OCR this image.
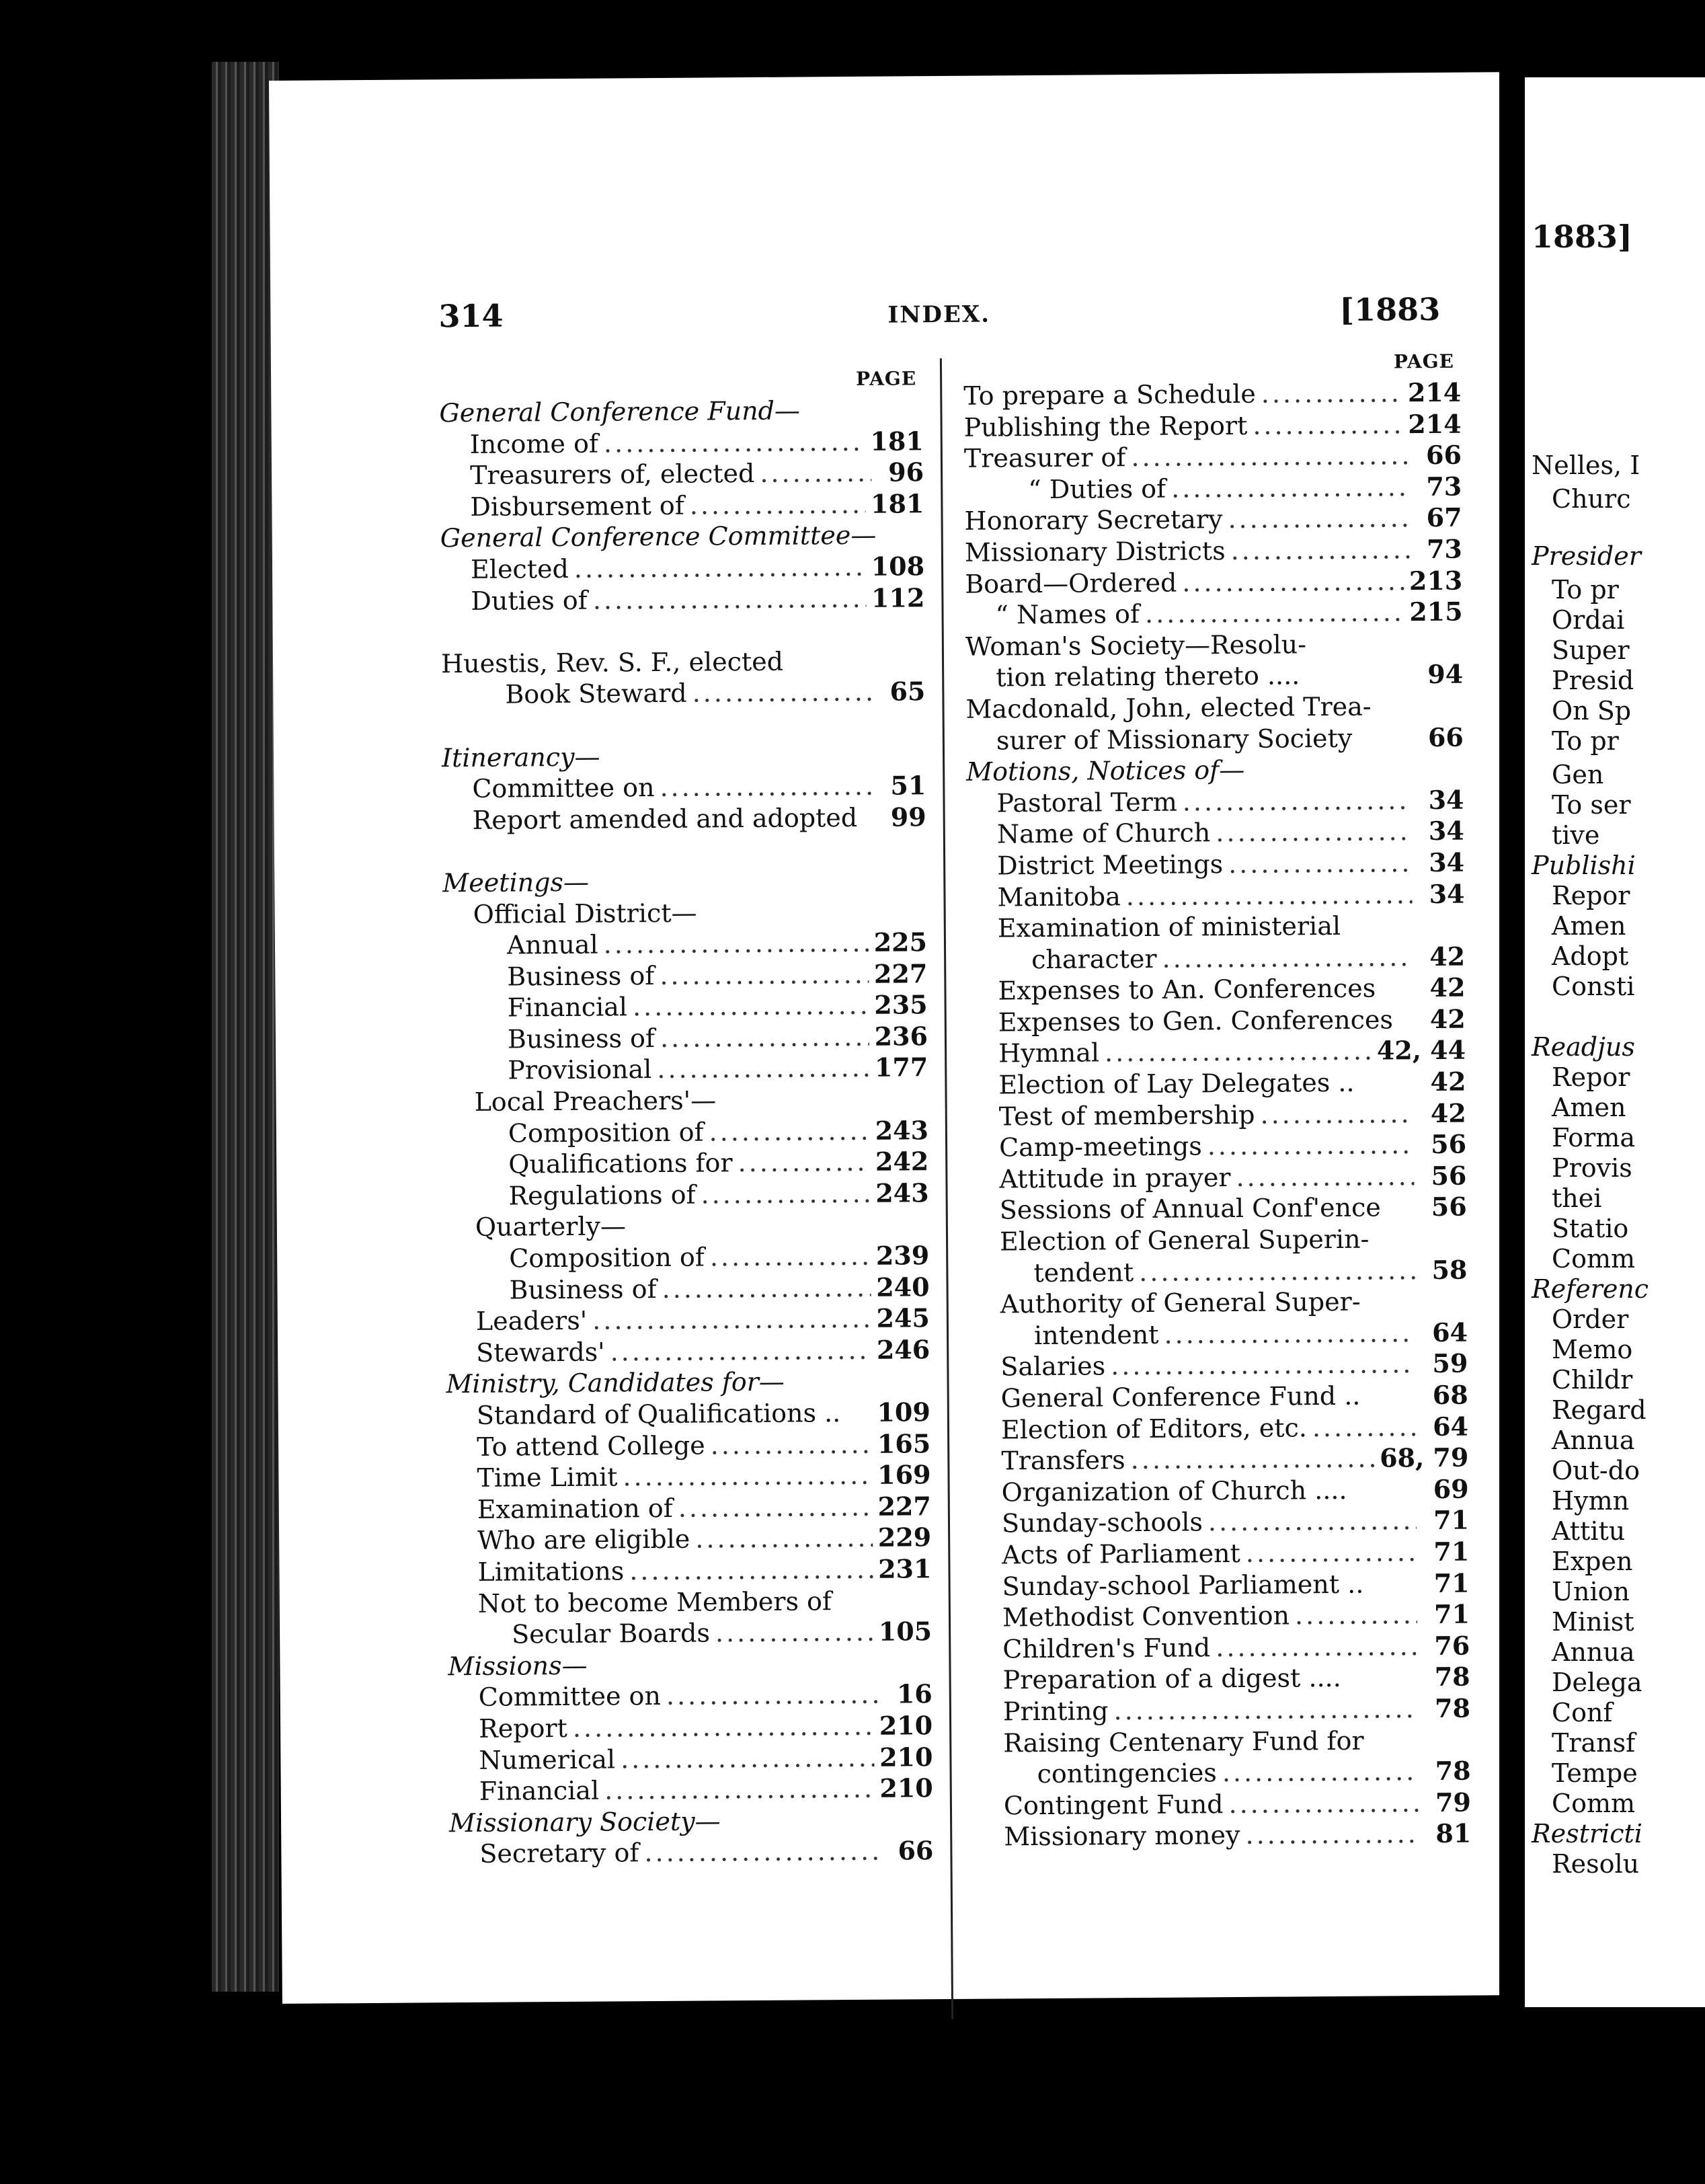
314	INDEX.	[1883
PAGE
General Conference Fund—
Income of .....	181
Treasurers of, elected .....	96
Disbursement of .....	181
General Conference Committee—
Elected .....	108
Duties of .....	112
Huestis, Rev. S. F., elected
Book Steward .....	65
Itinerancy—
Committee on .....	51
Report amended and adopted	99
Meetings—
Official District—
Annual .....	225
Business of .....	227
Financial .....	235
Business of .....	236
Provisional .....	177
Local Preachers'—
Composition of .....	243
Qualifications for .....	242
Regulations of .....	243
Quarterly—
Composition of .....	239
Business of .....	240
Leaders' .....	245
Stewards' .....	246
Ministry, Candidates for—
Standard of Qualifications .. 109
To attend College .....	165
Time Limit .....	169
Examination of .....	227
Who are eligible .....	229
Limitations .....	231
Not to become Members of
Secular Boards .....	105
Missions—
Committee on .....	16
Report .....	210
Numerical .....	210
Financial .....	210
Missionary Society—
Secretary of .....	66
PAGE
To prepare a Schedule .....	214
Publishing the Report .....	214
Treasurer of .....	66
“ Duties of .....	73
Honorary Secretary .....	67
Missionary Districts .....	73
Board—Ordered .....	213
“ Names of .....	215
Woman's Society—Resolu-
tion relating thereto ....	94
Macdonald, John, elected Trea-
surer of Missionary Society	66
Motions, Notices of—
Pastoral Term .....	34
Name of Church .....	34
District Meetings .....	34
Manitoba .....	34
Examination of ministerial
character .....	42
Expenses to An. Conferences	42
Expenses to Gen. Conferences	42
Hymnal .....	42, 44
Election of Lay Delegates ..	42
Test of membership .....	42
Camp-meetings .....	56
Attitude in prayer .....	56
Sessions of Annual Conf'ence	56
Election of General Superin-
tendent .....	58
Authority of General Super-
intendent .....	64
Salaries .....	59
General Conference Fund ..	68
Election of Editors, etc. .....	64
Transfers .....	68, 79
Organization of Church ....	69
Sunday-schools .....	71
Acts of Parliament .....	71
Sunday-school Parliament ..	71
Methodist Convention .....	71
Children's Fund .....	76
Preparation of a digest ....	78
Printing .....	78
Raising Centenary Fund for
contingencies .....	78
Contingent Fund .....	79
Missionary money .....	81
1883]
Nelles, I
Churc
Presider
To pr
Ordai
Super
Presid
On Sp
To pr
Gen
To ser
tive
Publishi
Repor
Amen
Adopt
Consti
Readjus
Repor
Amen
Forma
Provis
thei
Statio
Comm
Referenc
Order
Memo
Childr
Regard
Annua
Out-do
Hymn
Attitu
Expen
Union
Minist
Annua
Delega
Conf
Transf
Tempe
Comm
Restricti
Resolu
